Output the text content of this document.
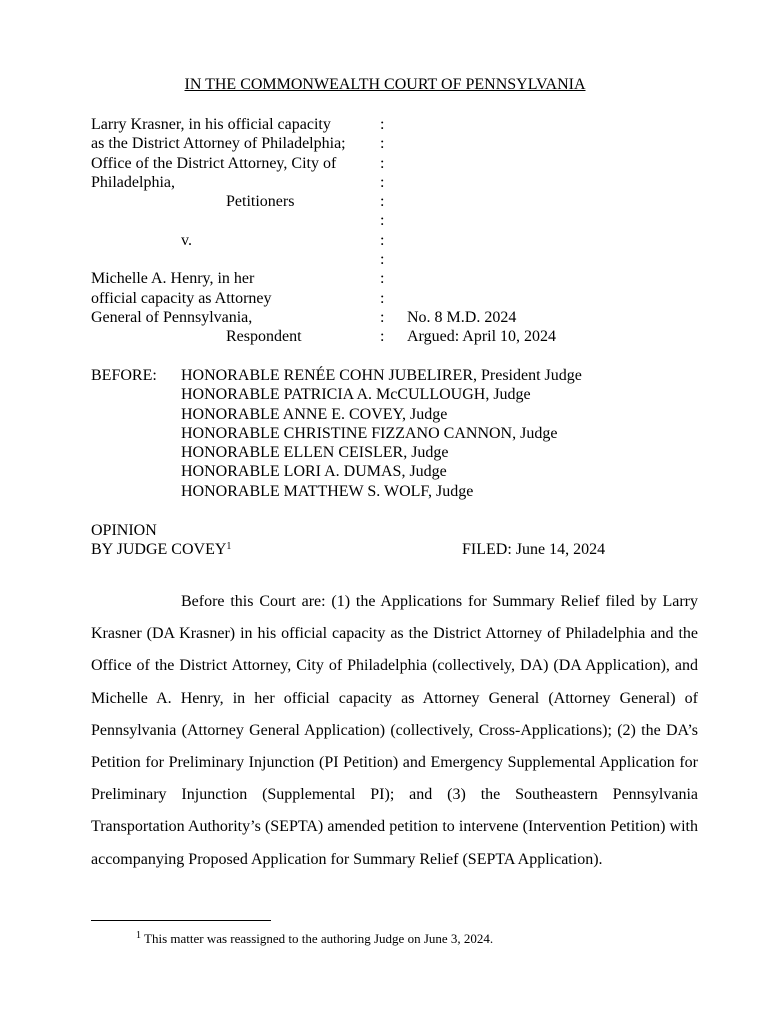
IN THE COMMONWEALTH COURT OF PENNSYLVANIA
Larry Krasner, in his official capacity	:
as the District Attorney of Philadelphia; :
Office of the District Attorney, City of	:
Philadelphia,	:
Petitioners	:
:
v.	:
:
Michelle A. Henry, in her	:
official capacity as Attorney	:
General of Pennsylvania,	: No. 8 M.D. 2024
Respondent	: Argued: April 10, 2024
BEFORE: HONORABLE RENÉE COHN JUBELIRER, President Judge
HONORABLE PATRICIA A. McCULLOUGH, Judge
HONORABLE ANNE E. COVEY, Judge
HONORABLE CHRISTINE FIZZANO CANNON, Judge
HONORABLE ELLEN CEISLER, Judge
HONORABLE LORI A. DUMAS, Judge
HONORABLE MATTHEW S. WOLF, Judge
OPINION
BY JUDGE COVEY$^1$	FILED: June 14, 2024

Before this Court are: (1) the Applications for Summary Relief filed by Larry Krasner (DA Krasner) in his official capacity as the District Attorney of Philadelphia and the Office of the District Attorney, City of Philadelphia (collectively, DA) (DA Application), and Michelle A. Henry, in her official capacity as Attorney General (Attorney General) of Pennsylvania (Attorney General Application) (collectively, Cross-Applications); (2) the DA’s Petition for Preliminary Injunction (PI Petition) and Emergency Supplemental Application for Preliminary Injunction (Supplemental PI); and (3) the Southeastern Pennsylvania Transportation Authority’s (SEPTA) amended petition to intervene (Intervention Petition) with accompanying Proposed Application for Summary Relief (SEPTA Application).

$^1$ This matter was reassigned to the authoring Judge on June 3, 2024.
